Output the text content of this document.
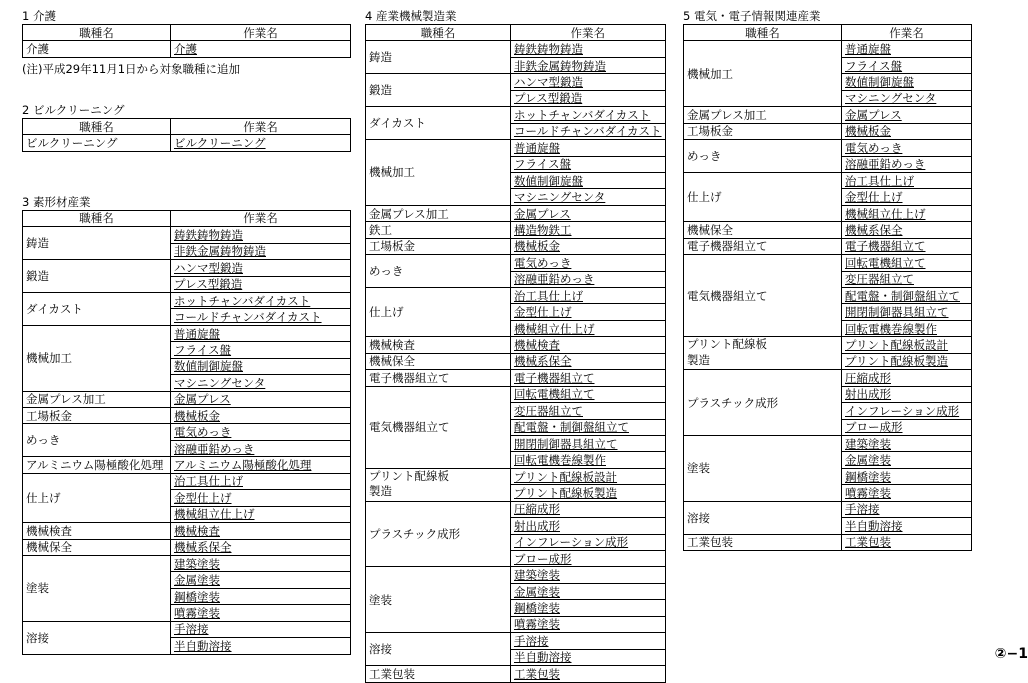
1 介護
職種名	作業名
介護	介護
(注)平成29年11月1日から対象職種に追加
2 ビルクリーニング
職種名	作業名
ビルクリーニング	ビルクリーニング
3 素形材産業
職種名	作業名
鋳造	鋳鉄鋳物鋳造
	非鉄金属鋳物鋳造
鍛造	ハンマ型鍛造
	プレス型鍛造
ダイカスト	ホットチャンバダイカスト
	コールドチャンバダイカスト
機械加工	普通旋盤
	フライス盤
	数値制御旋盤
	マシニングセンタ
金属プレス加工	金属プレス
工場板金	機械板金
めっき	電気めっき
	溶融亜鉛めっき
アルミニウム陽極酸化処理	アルミニウム陽極酸化処理
仕上げ	治工具仕上げ
	金型仕上げ
	機械組立仕上げ
機械検査	機械検査
機械保全	機械系保全
塗装	建築塗装
	金属塗装
	鋼橋塗装
	噴霧塗装
溶接	手溶接
	半自動溶接
4 産業機械製造業
職種名	作業名
鋳造	鋳鉄鋳物鋳造
	非鉄金属鋳物鋳造
鍛造	ハンマ型鍛造
	プレス型鍛造
ダイカスト	ホットチャンバダイカスト
	コールドチャンバダイカスト
機械加工	普通旋盤
	フライス盤
	数値制御旋盤
	マシニングセンタ
金属プレス加工	金属プレス
鉄工	構造物鉄工
工場板金	機械板金
めっき	電気めっき
	溶融亜鉛めっき
仕上げ	治工具仕上げ
	金型仕上げ
	機械組立仕上げ
機械検査	機械検査
機械保全	機械系保全
電子機器組立て	電子機器組立て
電気機器組立て	回転電機組立て
	変圧器組立て
	配電盤・制御盤組立て
	開閉制御器具組立て
	回転電機巻線製作
プリント配線板
製造	プリント配線板設計
	プリント配線板製造
プラスチック成形	圧縮成形
	射出成形
	インフレーション成形
	ブロー成形
塗装	建築塗装
	金属塗装
	鋼橋塗装
	噴霧塗装
溶接	手溶接
	半自動溶接
工業包装	工業包装
5 電気・電子情報関連産業
職種名	作業名
機械加工	普通旋盤
	フライス盤
	数値制御旋盤
	マシニングセンタ
金属プレス加工	金属プレス
工場板金	機械板金
めっき	電気めっき
	溶融亜鉛めっき
仕上げ	治工具仕上げ
	金型仕上げ
	機械組立仕上げ
機械保全	機械系保全
電子機器組立て	電子機器組立て
電気機器組立て	回転電機組立て
	変圧器組立て
	配電盤・制御盤組立て
	開閉制御器具組立て
	回転電機巻線製作
プリント配線板
製造	プリント配線板設計
	プリント配線板製造
プラスチック成形	圧縮成形
	射出成形
	インフレーション成形
	ブロー成形
塗装	建築塗装
	金属塗装
	鋼橋塗装
	噴霧塗装
溶接	手溶接
	半自動溶接
工業包装	工業包装
②−1
